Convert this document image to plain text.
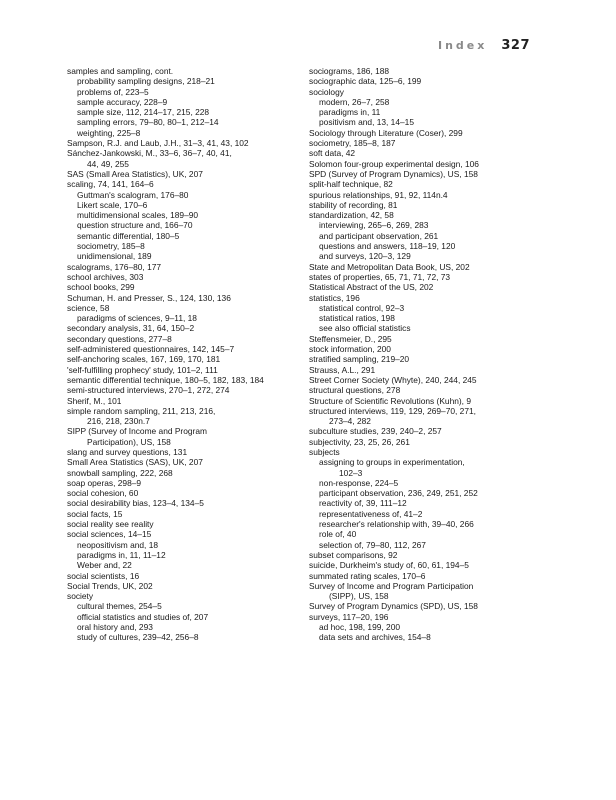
Index 327
samples and sampling, cont.
probability sampling designs, 218–21
problems of, 223–5
sample accuracy, 228–9
sample size, 112, 214–17, 215, 228
sampling errors, 79–80, 80–1, 212–14
weighting, 225–8
Sampson, R.J. and Laub, J.H., 31–3, 41, 43, 102
Sánchez-Jankowski, M., 33–6, 36–7, 40, 41,
44, 49, 255
SAS (Small Area Statistics), UK, 207
scaling, 74, 141, 164–6
Guttman's scalogram, 176–80
Likert scale, 170–6
multidimensional scales, 189–90
question structure and, 166–70
semantic differential, 180–5
sociometry, 185–8
unidimensional, 189
scalograms, 176–80, 177
school archives, 303
school books, 299
Schuman, H. and Presser, S., 124, 130, 136
science, 58
paradigms of sciences, 9–11, 18
secondary analysis, 31, 64, 150–2
secondary questions, 277–8
self-administered questionnaires, 142, 145–7
self-anchoring scales, 167, 169, 170, 181
'self-fulfilling prophecy' study, 101–2, 111
semantic differential technique, 180–5, 182, 183, 184
semi-structured interviews, 270–1, 272, 274
Sherif, M., 101
simple random sampling, 211, 213, 216,
216, 218, 230n.7
SIPP (Survey of Income and Program
Participation), US, 158
slang and survey questions, 131
Small Area Statistics (SAS), UK, 207
snowball sampling, 222, 268
soap operas, 298–9
social cohesion, 60
social desirability bias, 123–4, 134–5
social facts, 15
social reality see reality
social sciences, 14–15
neopositivism and, 18
paradigms in, 11, 11–12
Weber and, 22
social scientists, 16
Social Trends, UK, 202
society
cultural themes, 254–5
official statistics and studies of, 207
oral history and, 293
study of cultures, 239–42, 256–8
sociograms, 186, 188
sociographic data, 125–6, 199
sociology
modern, 26–7, 258
paradigms in, 11
positivism and, 13, 14–15
Sociology through Literature (Coser), 299
sociometry, 185–8, 187
soft data, 42
Solomon four-group experimental design, 106
SPD (Survey of Program Dynamics), US, 158
split-half technique, 82
spurious relationships, 91, 92, 114n.4
stability of recording, 81
standardization, 42, 58
interviewing, 265–6, 269, 283
and participant observation, 261
questions and answers, 118–19, 120
and surveys, 120–3, 129
State and Metropolitan Data Book, US, 202
states of properties, 65, 71, 71, 72, 73
Statistical Abstract of the US, 202
statistics, 196
statistical control, 92–3
statistical ratios, 198
see also official statistics
Steffensmeier, D., 295
stock information, 200
stratified sampling, 219–20
Strauss, A.L., 291
Street Corner Society (Whyte), 240, 244, 245
structural questions, 278
Structure of Scientific Revolutions (Kuhn), 9
structured interviews, 119, 129, 269–70, 271,
273–4, 282
subculture studies, 239, 240–2, 257
subjectivity, 23, 25, 26, 261
subjects
assigning to groups in experimentation,
102–3
non-response, 224–5
participant observation, 236, 249, 251, 252
reactivity of, 39, 111–12
representativeness of, 41–2
researcher's relationship with, 39–40, 266
role of, 40
selection of, 79–80, 112, 267
subset comparisons, 92
suicide, Durkheim's study of, 60, 61, 194–5
summated rating scales, 170–6
Survey of Income and Program Participation
(SIPP), US, 158
Survey of Program Dynamics (SPD), US, 158
surveys, 117–20, 196
ad hoc, 198, 199, 200
data sets and archives, 154–8
